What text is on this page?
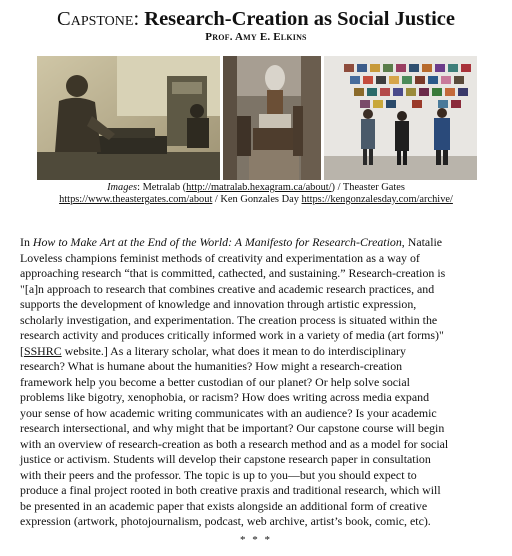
Capstone: Research-Creation as Social Justice
Prof. Amy E. Elkins
Images: Metralab (http://matralab.hexagram.ca/about/) / Theaster Gates
https://www.theastergates.com/about / Ken Gonzales Day https://kengonzalesday.com/archive/
In How to Make Art at the End of the World: A Manifesto for Research-Creation, Natalie
Loveless champions feminist methods of creativity and experimentation as a way of
approaching research “that is committed, cathected, and sustaining.” Research-creation is
"[a]n approach to research that combines creative and academic research practices, and
supports the development of knowledge and innovation through artistic expression,
scholarly investigation, and experimentation. The creation process is situated within the
research activity and produces critically informed work in a variety of media (art forms)"
[SSHRC website.] As a literary scholar, what does it mean to do interdisciplinary
research? What is humane about the humanities? How might a research-creation
framework help you become a better custodian of our planet? Or help solve social
problems like bigotry, xenophobia, or racism? How does writing across media expand
your sense of how academic writing communicates with an audience? Is your academic
research intersectional, and why might that be important? Our capstone course will begin
with an overview of research-creation as both a research method and as a model for social
justice or activism. Students will develop their capstone research paper in consultation
with their peers and the professor. The topic is up to you—but you should expect to
produce a final project rooted in both creative praxis and traditional research, which will
be presented in an academic paper that exists alongside an additional form of creative
expression (artwork, photojournalism, podcast, web archive, artist’s book, comic, etc).
* * *
